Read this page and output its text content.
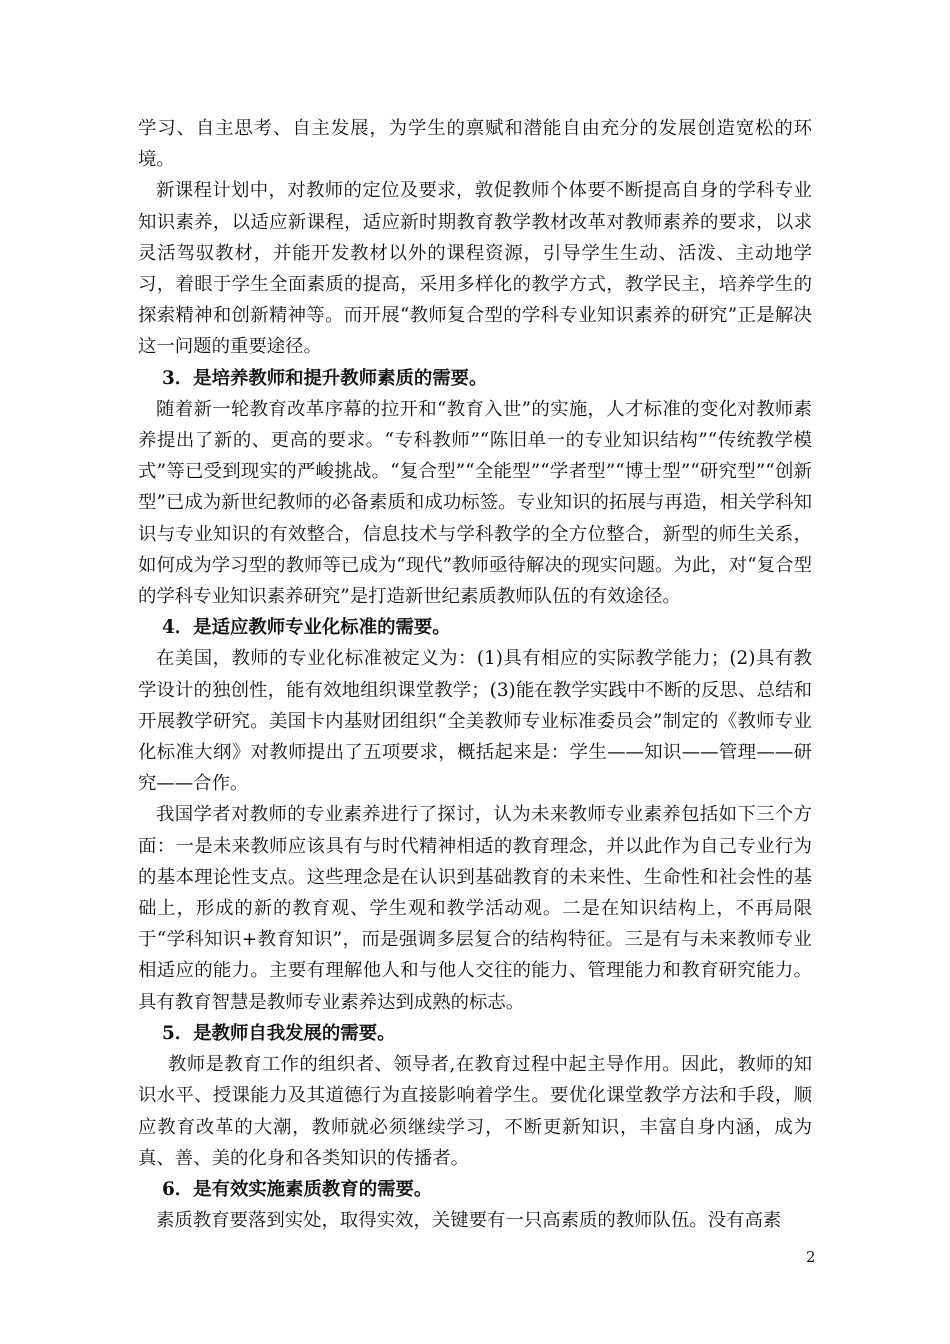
学习、自主思考、自主发展，为学生的禀赋和潜能自由充分的发展创造宽松的环境。

新课程计划中，对教师的定位及要求，敦促教师个体要不断提高自身的学科专业知识素养，以适应新课程，适应新时期教育教学教材改革对教师素养的要求，以求灵活驾驭教材，并能开发教材以外的课程资源，引导学生生动、活泼、主动地学习，着眼于学生全面素质的提高，采用多样化的教学方式，教学民主，培养学生的探索精神和创新精神等。而开展“教师复合型的学科专业知识素养的研究”正是解决这一问题的重要途径。

3．是培养教师和提升教师素质的需要。

随着新一轮教育改革序幕的拉开和“教育入世”的实施，人才标准的变化对教师素养提出了新的、更高的要求。“专科教师”“陈旧单一的专业知识结构”“传统教学模式”等已受到现实的严峻挑战。“复合型”“全能型”“学者型”“博士型”“研究型”“创新型”已成为新世纪教师的必备素质和成功标签。专业知识的拓展与再造，相关学科知识与专业知识的有效整合，信息技术与学科教学的全方位整合，新型的师生关系，如何成为学习型的教师等已成为“现代”教师亟待解决的现实问题。为此，对“复合型的学科专业知识素养研究”是打造新世纪素质教师队伍的有效途径。

4．是适应教师专业化标准的需要。

在美国，教师的专业化标准被定义为：(1)具有相应的实际教学能力；(2)具有教学设计的独创性，能有效地组织课堂教学；(3)能在教学实践中不断的反思、总结和开展教学研究。美国卡内基财团组织“全美教师专业标准委员会”制定的《教师专业化标准大纲》对教师提出了五项要求，概括起来是：学生——知识——管理——研究——合作。

我国学者对教师的专业素养进行了探讨，认为未来教师专业素养包括如下三个方面：一是未来教师应该具有与时代精神相适的教育理念，并以此作为自己专业行为的基本理论性支点。这些理念是在认识到基础教育的未来性、生命性和社会性的基础上，形成的新的教育观、学生观和教学活动观。二是在知识结构上，不再局限于“学科知识+教育知识”，而是强调多层复合的结构特征。三是有与未来教师专业相适应的能力。主要有理解他人和与他人交往的能力、管理能力和教育研究能力。具有教育智慧是教师专业素养达到成熟的标志。

5．是教师自我发展的需要。

教师是教育工作的组织者、领导者,在教育过程中起主导作用。因此，教师的知识水平、授课能力及其道德行为直接影响着学生。要优化课堂教学方法和手段，顺应教育改革的大潮，教师就必须继续学习，不断更新知识，丰富自身内涵，成为真、善、美的化身和各类知识的传播者。

6．是有效实施素质教育的需要。

素质教育要落到实处，取得实效，关键要有一只高素质的教师队伍。没有高素

2
